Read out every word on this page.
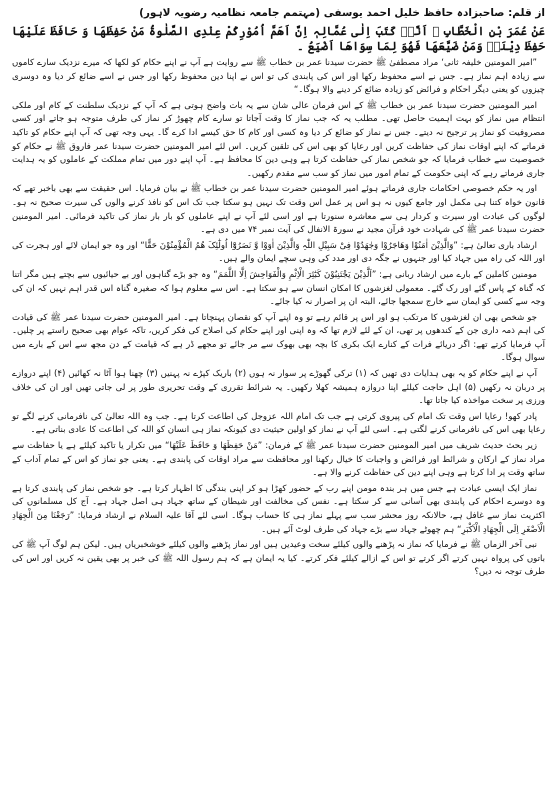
از قلم: صاحبزادہ حافظ خلیل احمد یوسفی (مہتمم جامعہ نظامیہ رضویہ لاہور)
عَنْ عُمَرَ بْنِ الْخَطَّابِ ﷺ اَنَّہٗ کَتَبَ اِلٰی عُمَّالِہٖ اِنَّ اَھَمَّ اُمُوْرِکُمْ عِنْدِی الصَّلٰوۃُ مَنْ حَفِظَھَا وَ حَافَظَ عَلَیْھَا حَفِظَ دِیْنَہٗ وَمَنْ ضَیَّعَھَا فَھُوَ لِمَا سِوَاھَا اَضْیَعُ ۔

”امیر المومنین خلیفہ ثانی‘ مراد مصطفیٰ ﷺ حضرت سیدنا عمر بن خطاب ﷺ سے روایت ہے آپ نے اپنے حکام کو لکھا کہ میرے نزدیک سارے کاموں سے زیادہ اہم نماز ہے۔ جس نے اسے محفوظ رکھا اور اس کی پابندی کی تو اس نے اپنا دین محفوظ رکھا اور جس نے اسے ضائع کر دیا وہ دوسری چیزوں کو یعنی دیگر احکام و فرائض کو زیادہ ضائع کر دینے والا ہوگا۔“

امیر المومنین حضرت سیدنا عمر بن خطاب ﷺ کے اس فرمان عالی شان سے یہ بات واضح ہوتی ہے کہ آپ کے نزدیک سلطنت کے کام اور ملکی انتظام میں نماز کو بہت اہمیت حاصل تھی۔ مطلب یہ کہ جب نماز کا وقت آجاتا تو سارے کام چھوڑ کر نماز کی طرف متوجہ ہو جاتے اور کسی مصروفیت کو نماز پر ترجیح نہ دیتے۔ جس نے نماز کو ضائع کر دیا وہ کسی اور کام کا حق کیسے ادا کرے گا۔ یہی وجہ تھی کہ آپ اپنے حکام کو تاکید فرماتے کہ اپنے اوقات نماز کی حفاظت کریں اور رعایا کو بھی اس کی تلقین کریں۔ اس لئے امیر المومنین حضرت سیدنا عمر فاروق ﷺ نے حکام کو خصوصیت سے خطاب فرمایا کہ جو شخص نماز کی حفاظت کرتا ہے وہی دین کا محافظ ہے۔ آپ اپنے دور میں تمام مملکت کے عاملوں کو یہ ہدایت جاری فرماتے رہے کہ اپنی حکومت کے تمام امور میں نماز کو سب سے مقدم رکھیں۔

اور یہ حکم خصوصی احکامات جاری فرماتے ہوئے امیر المومنین حضرت سیدنا عمر بن خطاب ﷺ نے بیان فرمایا۔ اس حقیقت سے بھی باخبر تھے کہ قانون خواہ کتنا ہی مکمل اور جامع کیوں نہ ہو اس پر عمل اس وقت تک نہیں ہو سکتا جب تک اس کو نافذ کرنے والوں کی سیرت صحیح نہ ہو۔ لوگوں کی عبادت اور سیرت و کردار ہی سے معاشرہ سنورتا ہے اور اسی لئے آپ نے اپنے عاملوں کو بار بار نماز کی تاکید فرمائی۔ امیر المومنین حضرت سیدنا عمر ﷺ کی شہادت خود قرآن مجید نے سورۃ الانفال کی آیت نمبر ۷۴ میں دی ہے۔

ارشاد باری تعالیٰ ہے: ”وَالَّذِیْنَ اٰمَنُوْا وَھَاجَرُوْا وَجٰھَدُوْا فِیْ سَبِیْلِ اللّٰہِ وَالَّذِیْنَ اٰوَوْا وَّ نَصَرُوْٓا اُولٰٓئِکَ ھُمُ الْمُؤْمِنُوْنَ حَقًّا“ اور وہ جو ایمان لائے اور ہجرت کی اور اللہ کی راہ میں جہاد کیا اور جنہوں نے جگہ دی اور مدد کی وہی سچے ایمان والے ہیں۔

مومنین کاملین کے بارے میں ارشاد ربانی ہے: ”اَلَّذِیْنَ یَجْتَنِبُوْنَ کَبٰٓئِرَ الْاِثْمِ وَالْفَوَاحِشَ اِلَّا اللَّمَمَ“ وہ جو بڑے گناہوں اور بے حیائیوں سے بچتے ہیں مگر اتنا کہ گناہ کے پاس گئے اور رک گئے۔ معمولی لغزشوں کا امکان انسان سے ہو سکتا ہے۔ اس سے معلوم ہوا کہ صغیرہ گناہ اس قدر اہم نہیں کہ ان کی وجہ سے کسی کو ایمان سے خارج سمجھا جائے، البتہ ان پر اصرار نہ کیا جائے۔

جو شخص بھی ان لغزشوں کا مرتکب ہو اور اس پر قائم رہے تو وہ اپنے آپ کو نقصان پہنچاتا ہے۔ امیر المومنین حضرت سیدنا عمر ﷺ کی قیادت کی اہم ذمہ داری جن کے کندھوں پر تھی، ان کے لئے لازم تھا کہ وہ اپنی اور اپنے حکام کی اصلاح کی فکر کریں، تاکہ عوام بھی صحیح راستے پر چلیں۔ آپ فرمایا کرتے تھے: اگر دریائے فرات کے کنارے ایک بکری کا بچہ بھی بھوک سے مر جائے تو مجھے ڈر ہے کہ قیامت کے دن مجھ سے اس کے بارے میں سوال ہوگا۔

آپ نے اپنے حکام کو یہ بھی ہدایات دی تھیں کہ (۱) ترکی گھوڑے پر سوار نہ ہوں (۲) باریک کپڑے نہ پہنیں (۳) چھنا ہوا آٹا نہ کھائیں (۴) اپنے دروازے پر دربان نہ رکھیں (۵) اہل حاجت کیلئے اپنا دروازہ ہمیشہ کھلا رکھیں۔ یہ شرائط تقرری کے وقت تحریری طور پر لی جاتی تھیں اور ان کی خلاف ورزی پر سخت مواخذہ کیا جاتا تھا۔

پادر کھو! رعایا اس وقت تک امام کی پیروی کرتی ہے جب تک امام اللہ عزوجل کی اطاعت کرتا ہے۔ جب وہ اللہ تعالیٰ کی نافرمانی کرنے لگے تو رعایا بھی اس کی نافرمانی کرنے لگتی ہے۔ اسی لئے آپ نے نماز کو اولین حیثیت دی کیونکہ نماز ہی انسان کو اللہ کی اطاعت کا عادی بناتی ہے۔

زیر بحث حدیث شریف میں امیر المومنین حضرت سیدنا عمر ﷺ کے فرمان: ”مَنْ حَفِظَھَا وَ حَافَظَ عَلَیْھَا“ میں تکرار یا تاکید کیلئے ہے یا حفاظت سے مراد نماز کے ارکان و شرائط اور فرائض و واجبات کا خیال رکھنا اور محافظت سے مراد اوقات کی پابندی ہے۔ یعنی جو نماز کو اس کے تمام آداب کے ساتھ وقت پر ادا کرتا ہے وہی اپنے دین کی حفاظت کرنے والا ہے۔

نماز ایک ایسی عبادت ہے جس میں ہر بندہ مومن اپنے رب کے حضور کھڑا ہو کر اپنی بندگی کا اظہار کرتا ہے۔ جو شخص نماز کی پابندی کرتا ہے وہ دوسرے احکام کی پابندی بھی آسانی سے کر سکتا ہے۔ نفس کی مخالفت اور شیطان کے ساتھ جہاد ہی اصل جہاد ہے۔ آج کل مسلمانوں کی اکثریت نماز سے غافل ہے، حالانکہ روز محشر سب سے پہلے نماز ہی کا حساب ہوگا۔ اسی لئے آقا علیہ السلام نے ارشاد فرمایا: ”رَجَعْنَا مِنَ الْجِھَادِ الْاَصْغَرِ اِلَی الْجِھَادِ الْاَکْبَرِ“ ہم چھوٹے جہاد سے بڑے جہاد کی طرف لوٹ آئے ہیں۔

نبی آخر الزماں ﷺ نے فرمایا کہ نماز نہ پڑھنے والوں کیلئے سخت وعیدیں ہیں اور نماز پڑھنے والوں کیلئے خوشخبریاں ہیں۔ لیکن ہم لوگ آپ ﷺ کی باتوں کی پرواہ نہیں کرتے اگر کرتے تو اس کے ازالے کیلئے فکر کرتے۔ کیا یہ ایمان ہے کہ ہم رسول اللہ ﷺ کی خبر پر بھی یقین نہ کریں اور اس کی طرف توجہ نہ دیں؟
